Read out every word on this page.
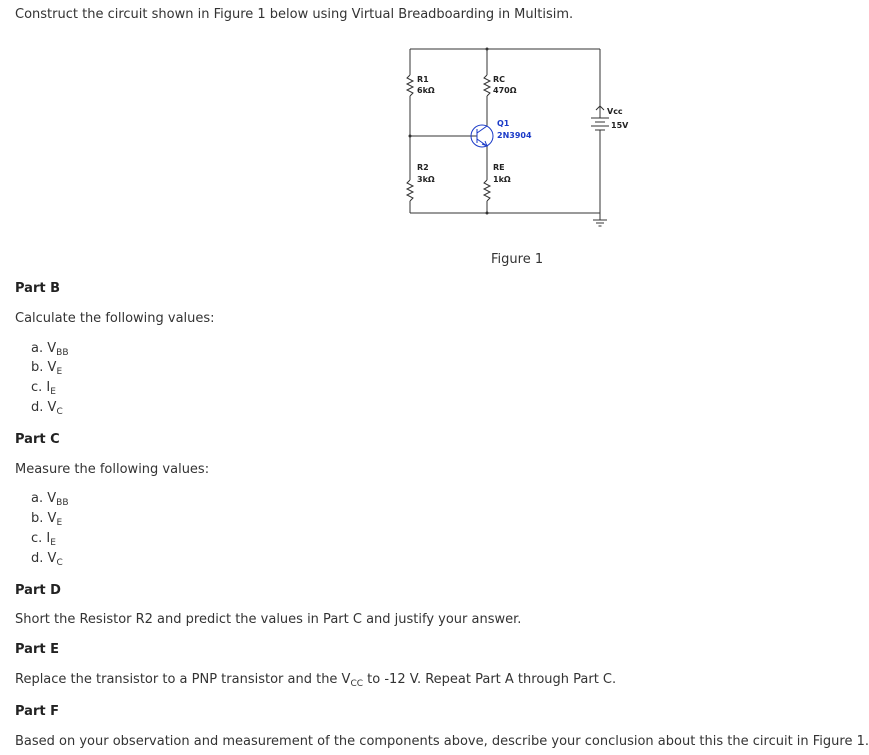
Construct the circuit shown in Figure 1 below using Virtual Breadboarding in Multisim.
R1
6kΩ
RC
470Ω
R2
3kΩ
RE
1kΩ
Vcc
15V
Q1
2N3904
Figure 1
Part B
Calculate the following values:
a. $V_{BB}$
b. $V_E$
c. $I_E$
d. $V_C$
Part C
Measure the following values:
a. $V_{BB}$
b. $V_E$
c. $I_E$
d. $V_C$
Part D
Short the Resistor R2 and predict the values in Part C and justify your answer.
Part E
Replace the transistor to a PNP transistor and the $V_{CC}$ to -12 V. Repeat Part A through Part C.
Part F
Based on your observation and measurement of the components above, describe your conclusion about this the circuit in Figure 1.
